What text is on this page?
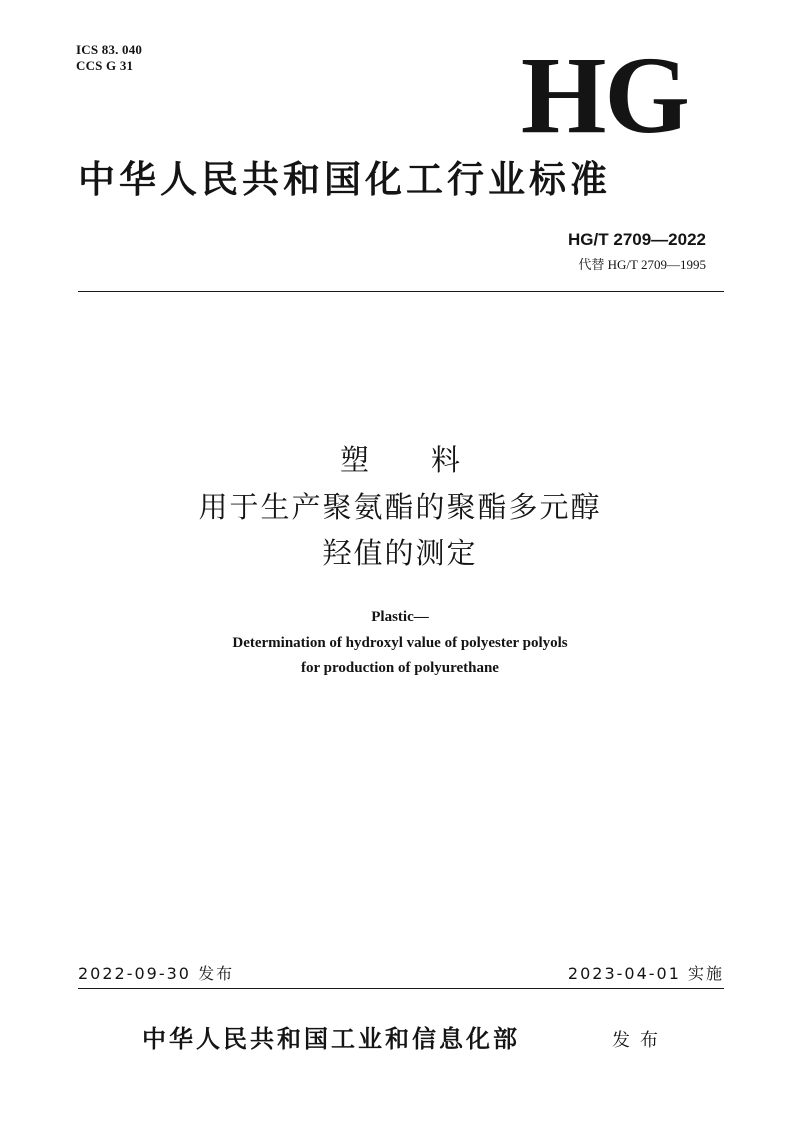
ICS 83. 040
CCS G 31	HG
中华人民共和国化工行业标准
HG/T 2709—2022
代替 HG/T 2709—1995
塑 料
用于生产聚氨酯的聚酯多元醇
羟值的测定
Plastic—
Determination of hydroxyl value of polyester polyols
for production of polyurethane
2022-09-30 发布	2023-04-01 实施
中华人民共和国工业和信息化部	发布
